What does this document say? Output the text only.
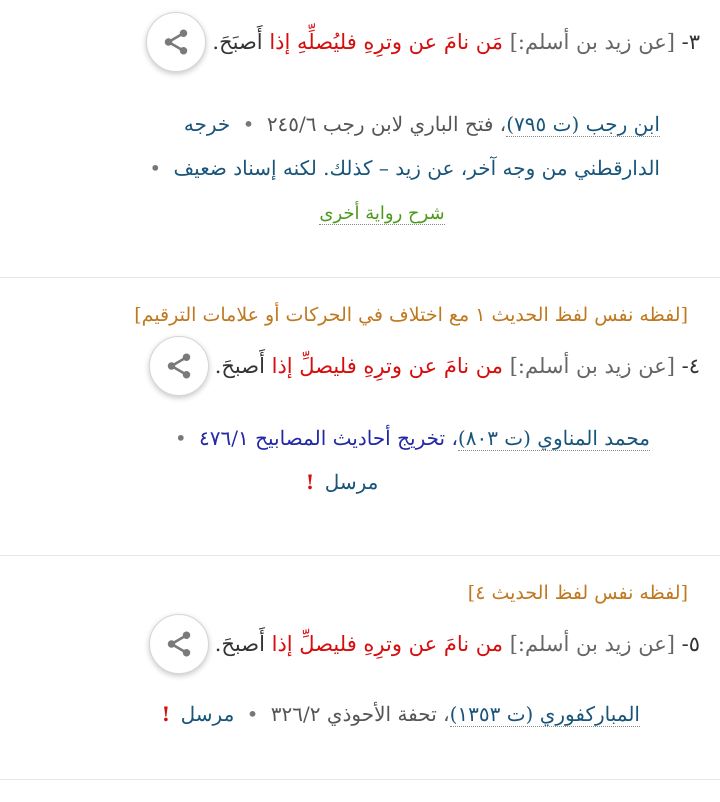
٣- [عن زيد بن أسلم:] مَن نامَ عن وترِهِ فليُصلِّهِ إذا أَصبَحَ.
ابن رجب (ت ٧٩٥)، فتح الباري لابن رجب ٢٤٥/٦ • خرجه
الدارقطني من وجه آخر، عن زيد – كذلك. لكنه إسناد ضعيف •
شرح رواية أخرى
[لفظه نفس لفظ الحديث ١ مع اختلاف في الحركات أو علامات الترقيم]
٤- [عن زيد بن أسلم:] من نامَ عن وترِهِ فليصلِّ إذا أَصبحَ.
محمد المناوي (ت ٨٠٣)، تخريج أحاديث المصابيح ٤٧٦/١ •
مرسل !
[لفظه نفس لفظ الحديث ٤]
٥- [عن زيد بن أسلم:] من نامَ عن وترِهِ فليصلِّ إذا أَصبحَ.
المباركفوري (ت ١٣٥٣)، تحفة الأحوذي ٣٢٦/٢ • مرسل !
